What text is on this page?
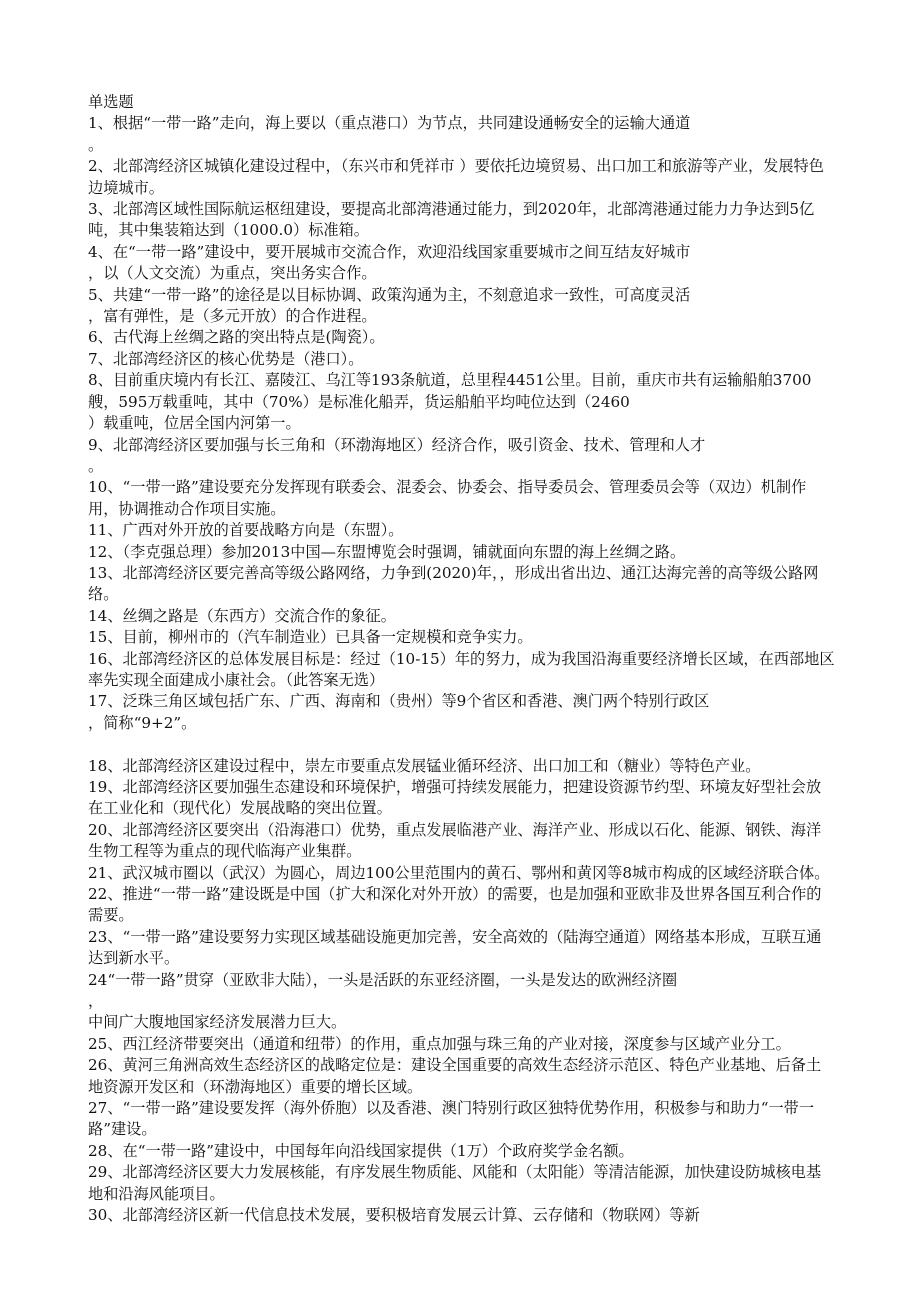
单选题

1、根据“一带一路”走向，海上要以（重点港口）为节点，共同建设通畅安全的运输大通道
。

2、北部湾经济区城镇化建设过程中，（东兴市和凭祥市 ）要依托边境贸易、出口加工和旅游等产业，发展特色边境城市。

3、北部湾区域性国际航运枢纽建设，要提高北部湾港通过能力，到2020年，北部湾港通过能力力争达到5亿吨，其中集装箱达到（1000.0）标准箱。

4、在“一带一路”建设中，要开展城市交流合作，欢迎沿线国家重要城市之间互结友好城市
，以（人文交流）为重点，突出务实合作。

5、共建“一带一路”的途径是以目标协调、政策沟通为主，不刻意追求一致性，可高度灵活
，富有弹性，是（多元开放）的合作进程。

6、古代海上丝绸之路的突出特点是(陶瓷）。

7、北部湾经济区的核心优势是（港口）。

8、目前重庆境内有长江、嘉陵江、乌江等193条航道，总里程4451公里。目前，重庆市共有运输船舶3700艘，595万载重吨，其中（70%）是标准化船弄，货运船舶平均吨位达到（2460
）载重吨，位居全国内河第一。

9、北部湾经济区要加强与长三角和（环渤海地区）经济合作，吸引资金、技术、管理和人才
。

10、“一带一路”建设要充分发挥现有联委会、混委会、协委会、指导委员会、管理委员会等（双边）机制作用，协调推动合作项目实施。

11、广西对外开放的首要战略方向是（东盟）。

12、（李克强总理）参加2013中国—东盟博览会时强调，铺就面向东盟的海上丝绸之路。

13、北部湾经济区要完善高等级公路网络，力争到(2020)年，，形成出省出边、通江达海完善的高等级公路网络。

14、丝绸之路是（东西方）交流合作的象征。

15、目前，柳州市的（汽车制造业）已具备一定规模和竞争实力。

16、北部湾经济区的总体发展目标是：经过（10-15）年的努力，成为我国沿海重要经济增长区域，在西部地区率先实现全面建成小康社会。（此答案无选）

17、泛珠三角区域包括广东、广西、海南和（贵州）等9个省区和香港、澳门两个特别行政区
，简称“9+2”。

18、北部湾经济区建设过程中，崇左市要重点发展锰业循环经济、出口加工和（糖业）等特色产业。

19、北部湾经济区要加强生态建设和环境保护，增强可持续发展能力，把建设资源节约型、环境友好型社会放在工业化和（现代化）发展战略的突出位置。

20、北部湾经济区要突出（沿海港口）优势，重点发展临港产业、海洋产业、形成以石化、能源、钢铁、海洋生物工程等为重点的现代临海产业集群。

21、武汉城市圈以（武汉）为圆心，周边100公里范围内的黄石、鄂州和黄冈等8城市构成的区域经济联合体。

22、推进“一带一路”建设既是中国（扩大和深化对外开放）的需要，也是加强和亚欧非及世界各国互利合作的需要。

23、“一带一路”建设要努力实现区域基础设施更加完善，安全高效的（陆海空通道）网络基本形成，互联互通达到新水平。

24“一带一路”贯穿（亚欧非大陆），一头是活跃的东亚经济圈，一头是发达的欧洲经济圈
，
中间广大腹地国家经济发展潜力巨大。

25、西江经济带要突出（通道和纽带）的作用，重点加强与珠三角的产业对接，深度参与区域产业分工。

26、黄河三角洲高效生态经济区的战略定位是：建设全国重要的高效生态经济示范区、特色产业基地、后备土地资源开发区和（环渤海地区）重要的增长区域。

27、“一带一路”建设要发挥（海外侨胞）以及香港、澳门特别行政区独特优势作用，积极参与和助力“一带一路”建设。

28、在“一带一路”建设中，中国每年向沿线国家提供（1万）个政府奖学金名额。

29、北部湾经济区要大力发展核能，有序发展生物质能、风能和（太阳能）等清洁能源，加快建设防城核电基地和沿海风能项目。

30、北部湾经济区新一代信息技术发展，要积极培育发展云计算、云存储和（物联网）等新
